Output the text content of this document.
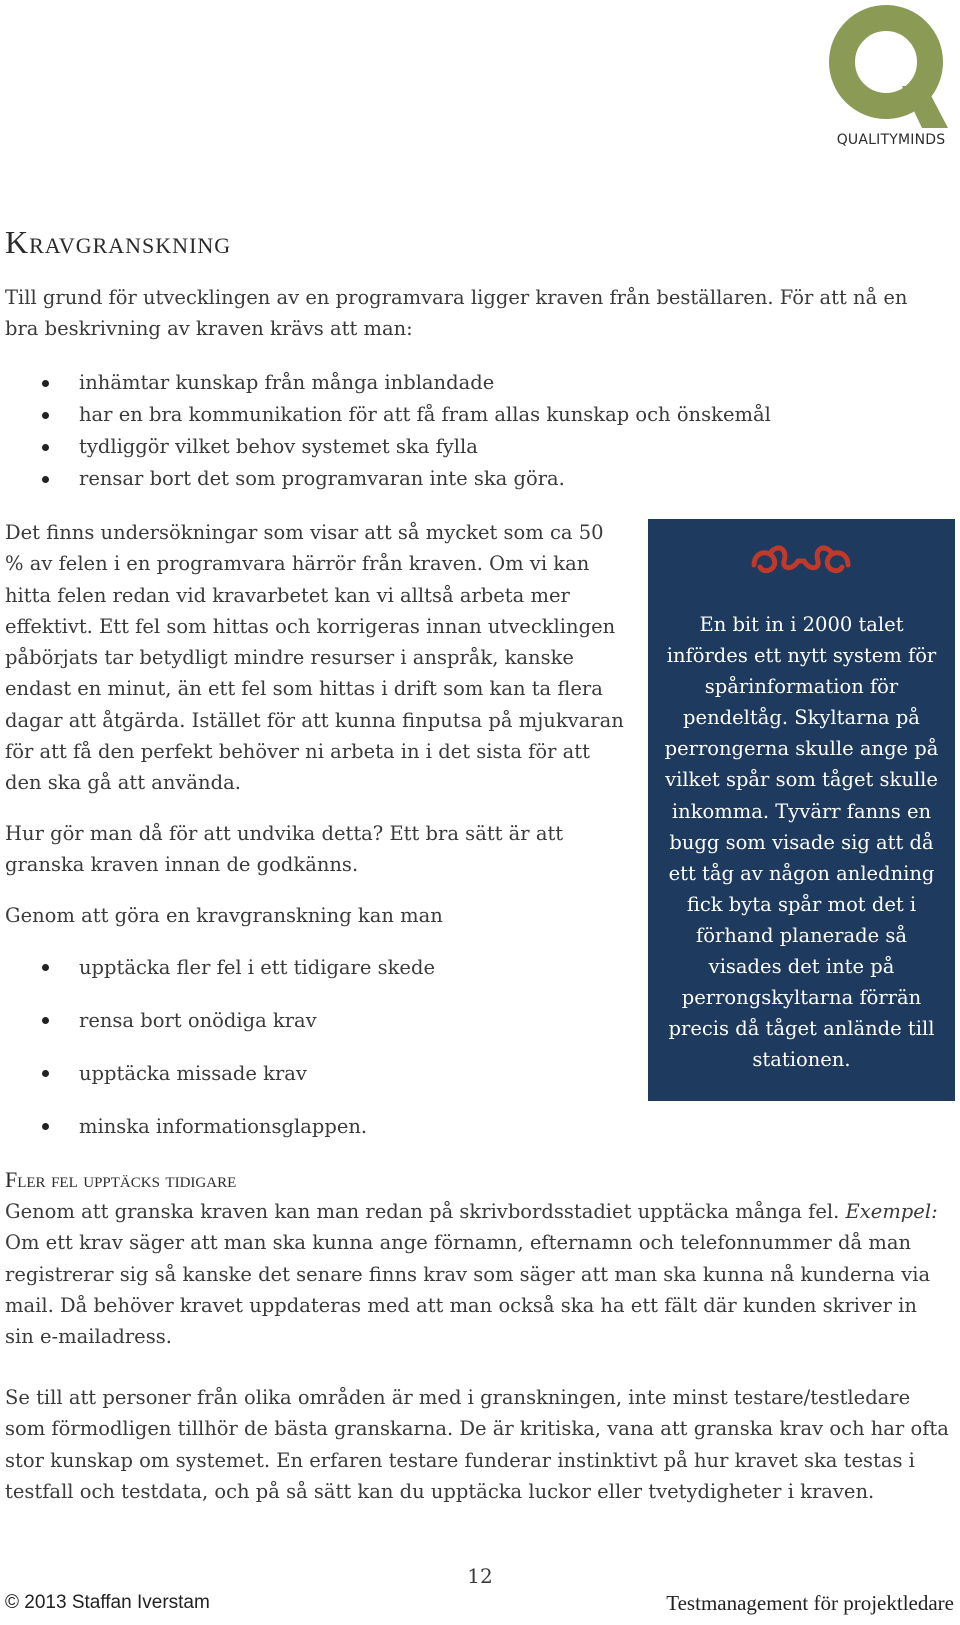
QUALITYMINDS
Kravgranskning

Till grund för utvecklingen av en programvara ligger kraven från beställaren. För att nå en bra beskrivning av kraven krävs att man:

inhämtar kunskap från många inblandade
har en bra kommunikation för att få fram allas kunskap och önskemål
tydliggör vilket behov systemet ska fylla
rensar bort det som programvaran inte ska göra.

Det finns undersökningar som visar att så mycket som ca 50 % av felen i en programvara härrör från kraven. Om vi kan hitta felen redan vid kravarbetet kan vi alltså arbeta mer effektivt. Ett fel som hittas och korrigeras innan utvecklingen påbörjats tar betydligt mindre resurser i anspråk, kanske endast en minut, än ett fel som hittas i drift som kan ta flera dagar att åtgärda. Istället för att kunna finputsa på mjukvaran för att få den perfekt behöver ni arbeta in i det sista för att den ska gå att använda.

Hur gör man då för att undvika detta? Ett bra sätt är att granska kraven innan de godkänns.

Genom att göra en kravgranskning kan man

upptäcka fler fel i ett tidigare skede
rensa bort onödiga krav
upptäcka missade krav
minska informationsglappen.

En bit in i 2000 talet infördes ett nytt system för spårinformation för pendeltåg. Skyltarna på perrongerna skulle ange på vilket spår som tåget skulle inkomma. Tyvärr fanns en bugg som visade sig att då ett tåg av någon anledning fick byta spår mot det i förhand planerade så visades det inte på perrongskyltarna förrän precis då tåget anlände till stationen.

Fler fel upptäcks tidigare

Genom att granska kraven kan man redan på skrivbordsstadiet upptäcka många fel. Exempel: Om ett krav säger att man ska kunna ange förnamn, efternamn och telefonnummer då man registrerar sig så kanske det senare finns krav som säger att man ska kunna nå kunderna via mail. Då behöver kravet uppdateras med att man också ska ha ett fält där kunden skriver in sin e-mailadress.

Se till att personer från olika områden är med i granskningen, inte minst testare/testledare som förmodligen tillhör de bästa granskarna. De är kritiska, vana att granska krav och har ofta stor kunskap om systemet. En erfaren testare funderar instinktivt på hur kravet ska testas i testfall och testdata, och på så sätt kan du upptäcka luckor eller tvetydigheter i kraven.

12
© 2013 Staffan Iverstam	Testmanagement för projektledare
